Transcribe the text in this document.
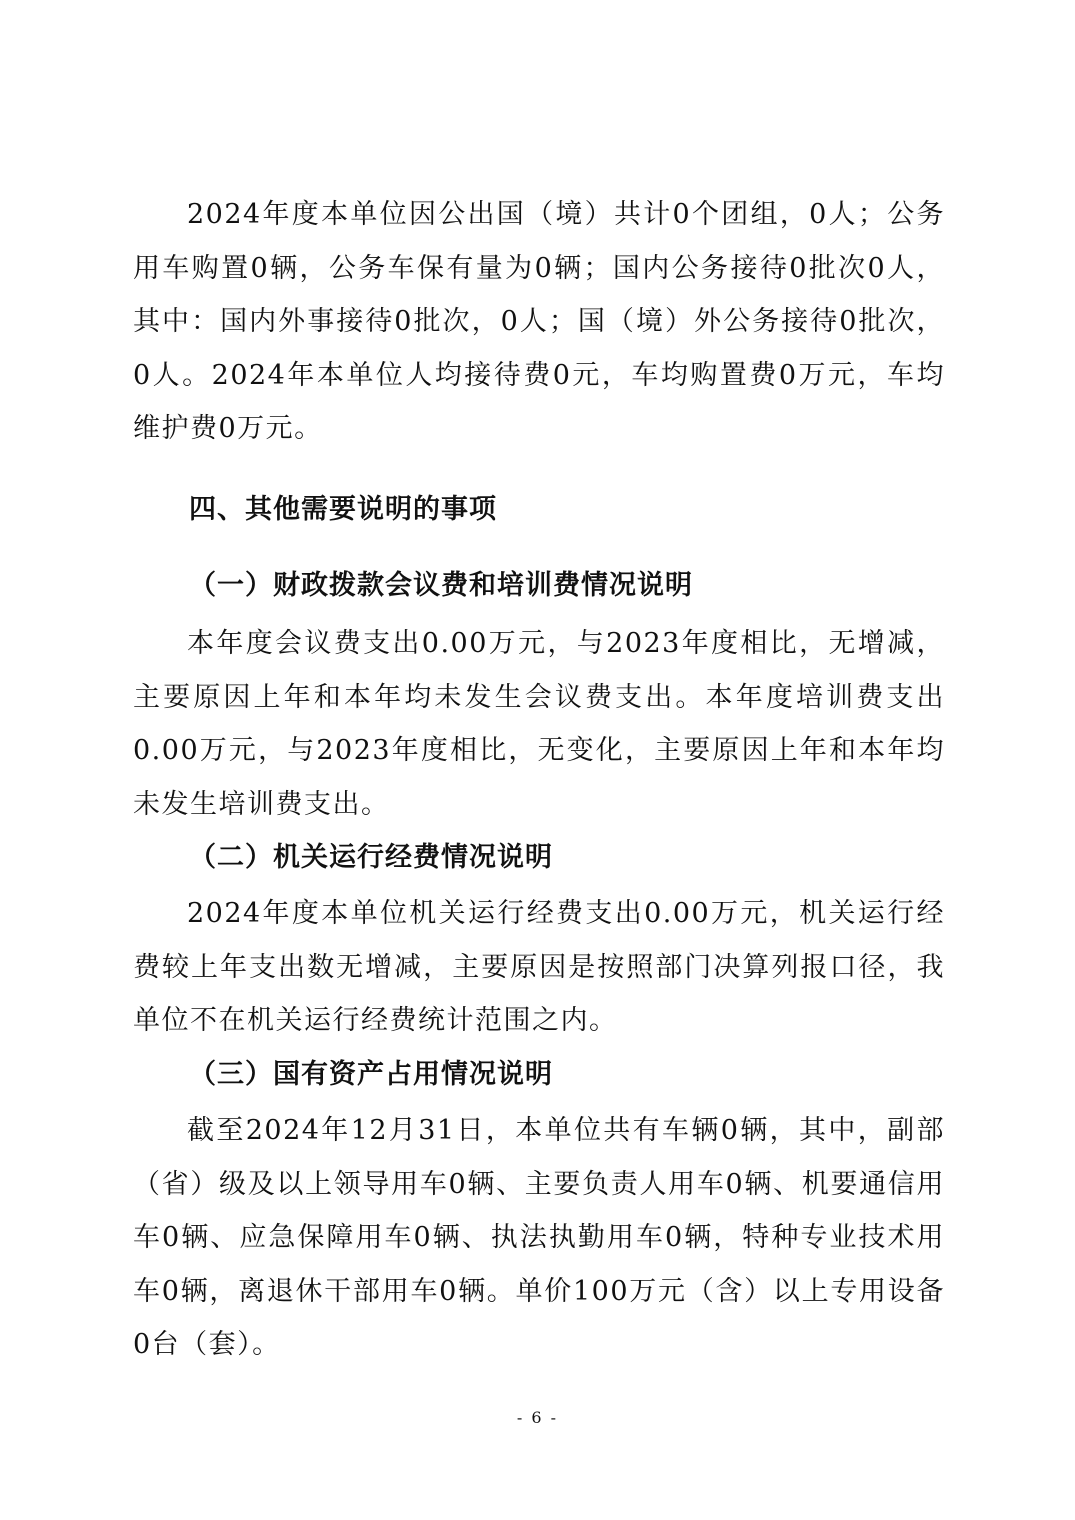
2024年度本单位因公出国（境）共计0个团组，0人；公务用车购置0辆，公务车保有量为0辆；国内公务接待0批次0人，其中：国内外事接待0批次，0人；国（境）外公务接待0批次，0人。2024年本单位人均接待费0元，车均购置费0万元，车均维护费0万元。

四、其他需要说明的事项
（一）财政拨款会议费和培训费情况说明

本年度会议费支出0.00万元，与2023年度相比，无增减，主要原因上年和本年均未发生会议费支出。本年度培训费支出0.00万元，与2023年度相比，无变化，主要原因上年和本年均未发生培训费支出。

（二）机关运行经费情况说明

2024年度本单位机关运行经费支出0.00万元，机关运行经费较上年支出数无增减，主要原因是按照部门决算列报口径，我单位不在机关运行经费统计范围之内。

（三）国有资产占用情况说明

截至2024年12月31日，本单位共有车辆0辆，其中，副部（省）级及以上领导用车0辆、主要负责人用车0辆、机要通信用车0辆、应急保障用车0辆、执法执勤用车0辆，特种专业技术用车0辆，离退休干部用车0辆。单价100万元（含）以上专用设备0台（套）。

- 6 -
